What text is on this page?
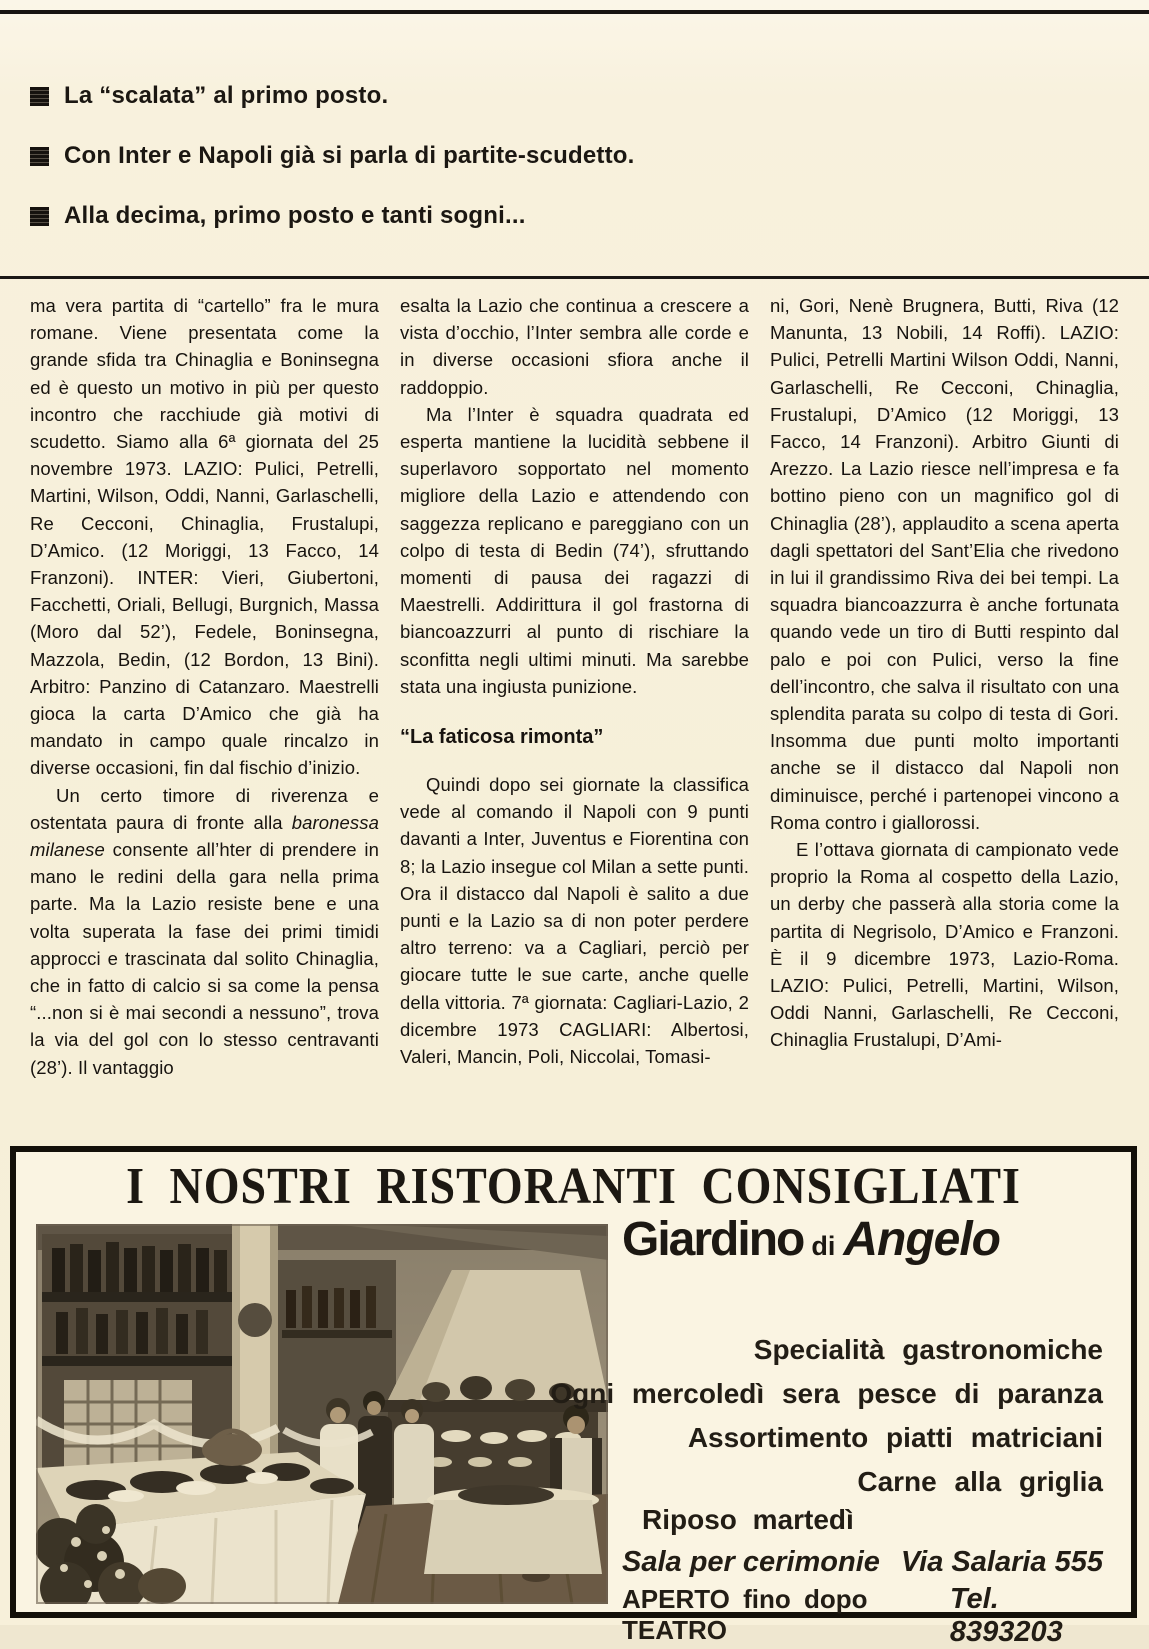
La “scalata” al primo posto.
Con Inter e Napoli già si parla di partite-scudetto.
Alla decima, primo posto e tanti sogni...

ma vera partita di “cartello” fra le mura romane. Viene presentata come la grande sfida tra Chinaglia e Boninsegna ed è questo un motivo in più per questo incontro che racchiude già motivi di scudetto. Siamo alla 6ª giornata del 25 novembre 1973. LAZIO: Pulici, Petrelli, Martini, Wilson, Oddi, Nanni, Garlaschelli, Re Cecconi, Chinaglia, Frustalupi, D’Amico. (12 Moriggi, 13 Facco, 14 Franzoni). INTER: Vieri, Giubertoni, Facchetti, Oriali, Bellugi, Burgnich, Massa (Moro dal 52’), Fedele, Boninsegna, Mazzola, Bedin, (12 Bordon, 13 Bini). Arbitro: Panzino di Catanzaro. Maestrelli gioca la carta D’Amico che già ha mandato in campo quale rincalzo in diverse occasioni, fin dal fischio d’inizio.

Un certo timore di riverenza e ostentata paura di fronte alla baronessa milanese consente all’hter di prendere in mano le redini della gara nella prima parte. Ma la Lazio resiste bene e una volta superata la fase dei primi timidi approcci e trascinata dal solito Chinaglia, che in fatto di calcio si sa come la pensa “...non si è mai secondi a nessuno”, trova la via del gol con lo stesso centravanti (28’). Il vantaggio

esalta la Lazio che continua a crescere a vista d’occhio, l’Inter sembra alle corde e in diverse occasioni sfiora anche il raddoppio.

Ma l’Inter è squadra quadrata ed esperta mantiene la lucidità sebbene il superlavoro sopportato nel momento migliore della Lazio e attendendo con saggezza replicano e pareggiano con un colpo di testa di Bedin (74’), sfruttando momenti di pausa dei ragazzi di Maestrelli. Addirittura il gol frastorna di biancoazzurri al punto di rischiare la sconfitta negli ultimi minuti. Ma sarebbe stata una ingiusta punizione.

“La faticosa rimonta”

Quindi dopo sei giornate la classifica vede al comando il Napoli con 9 punti davanti a Inter, Juventus e Fiorentina con 8; la Lazio insegue col Milan a sette punti. Ora il distacco dal Napoli è salito a due punti e la Lazio sa di non poter perdere altro terreno: va a Cagliari, perciò per giocare tutte le sue carte, anche quelle della vittoria. 7ª giornata: Cagliari-Lazio, 2 dicembre 1973 CAGLIARI: Albertosi, Valeri, Mancin, Poli, Niccolai, Tomasi-

ni, Gori, Nenè Brugnera, Butti, Riva (12 Manunta, 13 Nobili, 14 Roffi). LAZIO: Pulici, Petrelli Martini Wilson Oddi, Nanni, Garlaschelli, Re Cecconi, Chinaglia, Frustalupi, D’Amico (12 Moriggi, 13 Facco, 14 Franzoni). Arbitro Giunti di Arezzo. La Lazio riesce nell’impresa e fa bottino pieno con un magnifico gol di Chinaglia (28’), applaudito a scena aperta dagli spettatori del Sant’Elia che rivedono in lui il grandissimo Riva dei bei tempi. La squadra biancoazzurra è anche fortunata quando vede un tiro di Butti respinto dal palo e poi con Pulici, verso la fine dell’incontro, che salva il risultato con una splendita parata su colpo di testa di Gori. Insomma due punti molto importanti anche se il distacco dal Napoli non diminuisce, perché i partenopei vincono a Roma contro i giallorossi.

E l’ottava giornata di campionato vede proprio la Roma al cospetto della Lazio, un derby che passerà alla storia come la partita di Negrisolo, D’Amico e Franzoni. È il 9 dicembre 1973, Lazio-Roma. LAZIO: Pulici, Petrelli, Martini, Wilson, Oddi Nanni, Garlaschelli, Re Cecconi, Chinaglia Frustalupi, D’Ami-

I NOSTRI RISTORANTI CONSIGLIATI
Giardino di Angelo
Specialità gastronomiche
Ogni mercoledì sera pesce di paranza
Assortimento piatti matriciani
Carne alla griglia
Riposo martedì
Sala per cerimonie Via Salaria 555
APERTO fino dopo TEATRO
Tel. 8393203
